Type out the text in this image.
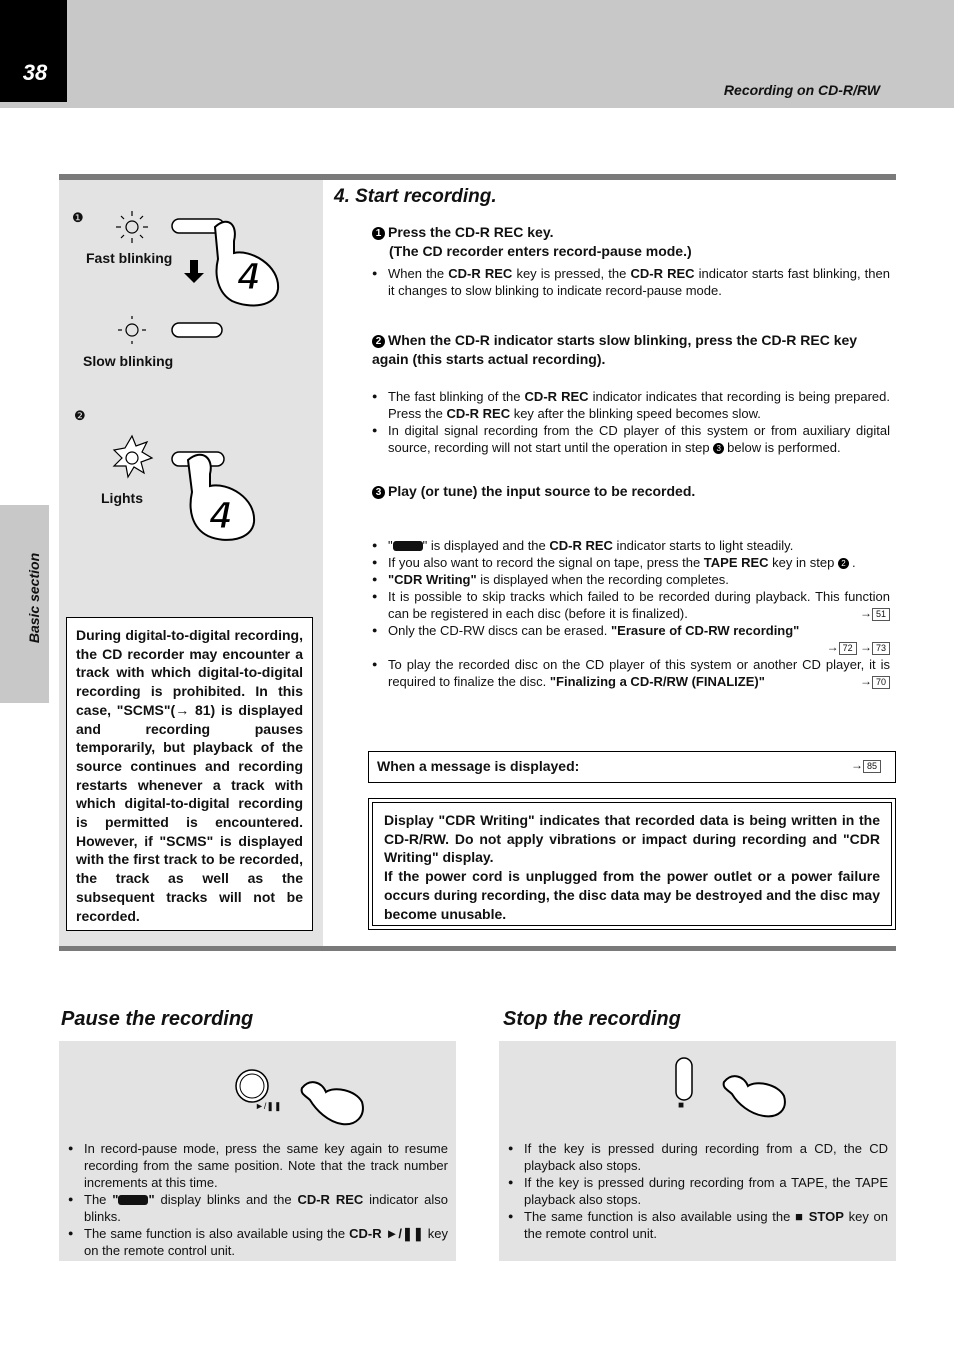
38
Recording on CD-R/RW
Basic section
❶
4
Fast blinking
Slow blinking
❷
4
Lights
During digital-to-digital recording, the CD recorder may encounter a track with which digital-to-digital recording is prohibited. In this case, "SCMS"(→ 81) is displayed and recording pauses temporarily, but playback of the source continues and recording restarts whenever a track with which digital-to-digital recording is permitted is encountered. However, if "SCMS" is displayed with the first track to be recorded, the track as well as the subsequent tracks will not be recorded.
4. Start recording.
1 Press the CD-R REC key.
(The CD recorder enters record-pause mode.)
● When the CD-R REC key is pressed, the CD-R REC indicator starts fast blinking, then it changes to slow blinking to indicate record-pause mode.
2 When the CD-R indicator starts slow blinking, press the CD-R REC key again (this starts actual recording).
● The fast blinking of the CD-R REC indicator indicates that recording is being prepared. Press the CD-R REC key after the blinking speed becomes slow.
● In digital signal recording from the CD player of this system or from auxiliary digital source, recording will not start until the operation in step 3 below is performed.
3 Play (or tune) the input source to be recorded.
● " " is displayed and the CD-R REC indicator starts to light steadily.
● If you also want to record the signal on tape, press the TAPE REC key in step 2 .
● "CDR Writing" is displayed when the recording completes.
● It is possible to skip tracks which failed to be recorded during playback. This function can be registered in each disc (before it is finalized).	→ 51
● Only the CD-RW discs can be erased. "Erasure of CD-RW recording"

→ 72 → 73

● To play the recorded disc on the CD player of this system or another CD player, it is required to finalize the disc. "Finalizing a CD-R/RW (FINALIZE)"	→ 70
When a message is displayed:	→ 85
Display "CDR Writing" indicates that recorded data is being written in the CD-R/RW. Do not apply vibrations or impact during recording and "CDR Writing" display.
If the power cord is unplugged from the power outlet or a power failure occurs during recording, the disc data may be destroyed and the disc may become unusable.
Pause the recording
►/❚❚
● In record-pause mode, press the same key again to resume recording from the same position. Note that the track number increments at this time.
● The " " display blinks and the CD-R REC indicator also blinks.
● The same function is also available using the CD-R ►/❚❚ key on the remote control unit.
Stop the recording
■
● If the key is pressed during recording from a CD, the CD playback also stops.
● If the key is pressed during recording from a TAPE, the TAPE playback also stops.
● The same function is also available using the ■ STOP key on the remote control unit.
